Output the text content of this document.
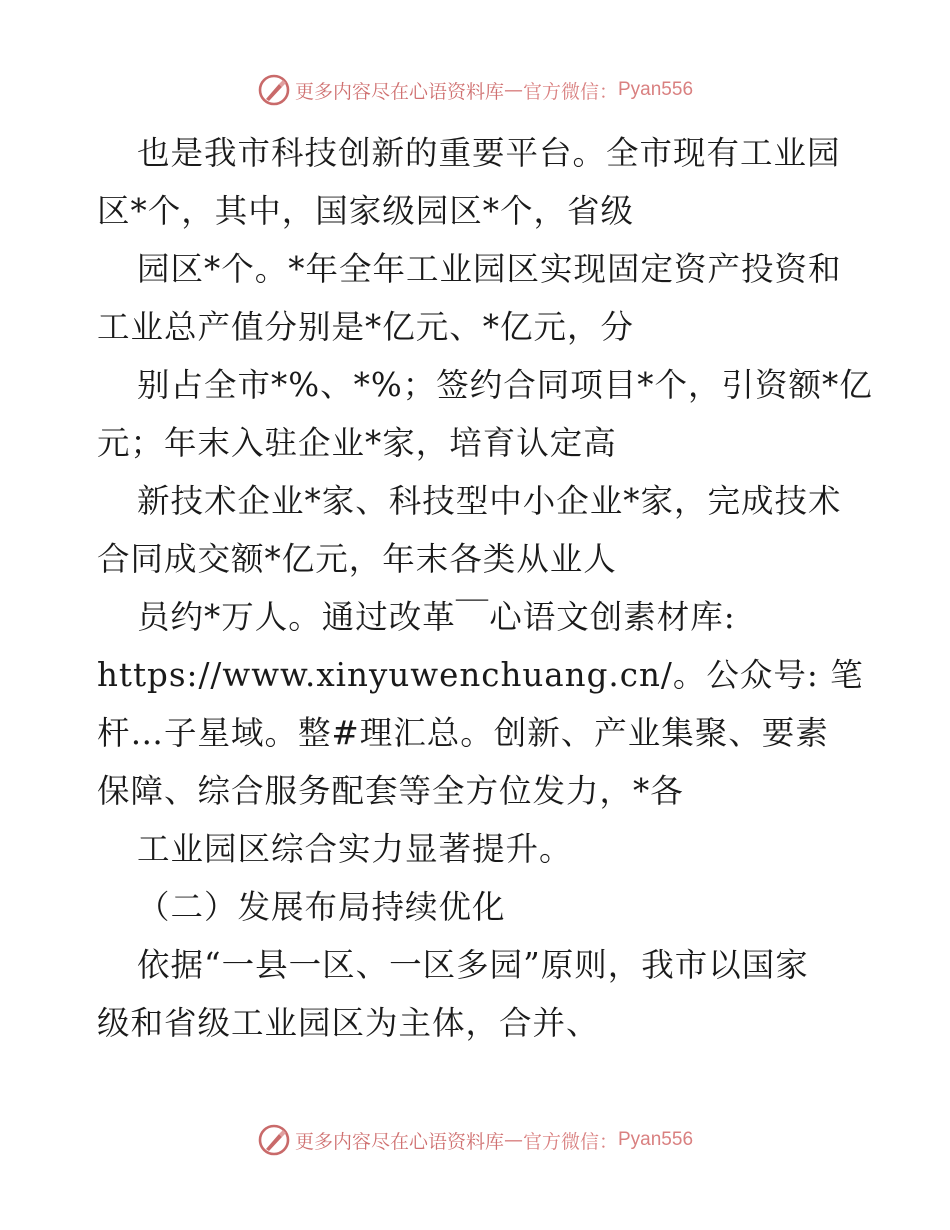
更多内容尽在心语资料库 — 官方微信： Pyan556
也是我市科技创新的重要平台。全市现有工业园
区*个，其中，国家级园区*个，省级
园区*个。*年全年工业园区实现固定资产投资和
工业总产值分别是*亿元、*亿元，分
别占全市*%、*%；签约合同项目*个，引资额*亿
元；年末入驻企业*家，培育认定高
新技术企业*家、科技型中小企业*家，完成技术
合同成交额*亿元，年末各类从业人
员约*万人。通过改革￣心语文创素材库:
https://www.xinyuwenchuang.cn/。公众号: 笔
杆…子星域。整#理汇总。创新、产业集聚、要素
保障、综合服务配套等全方位发力，*各
工业园区综合实力显著提升。
（二）发展布局持续优化
依据“一县一区、一区多园”原则，我市以国家
级和省级工业园区为主体，合并、
更多内容尽在心语资料库 — 官方微信： Pyan556
